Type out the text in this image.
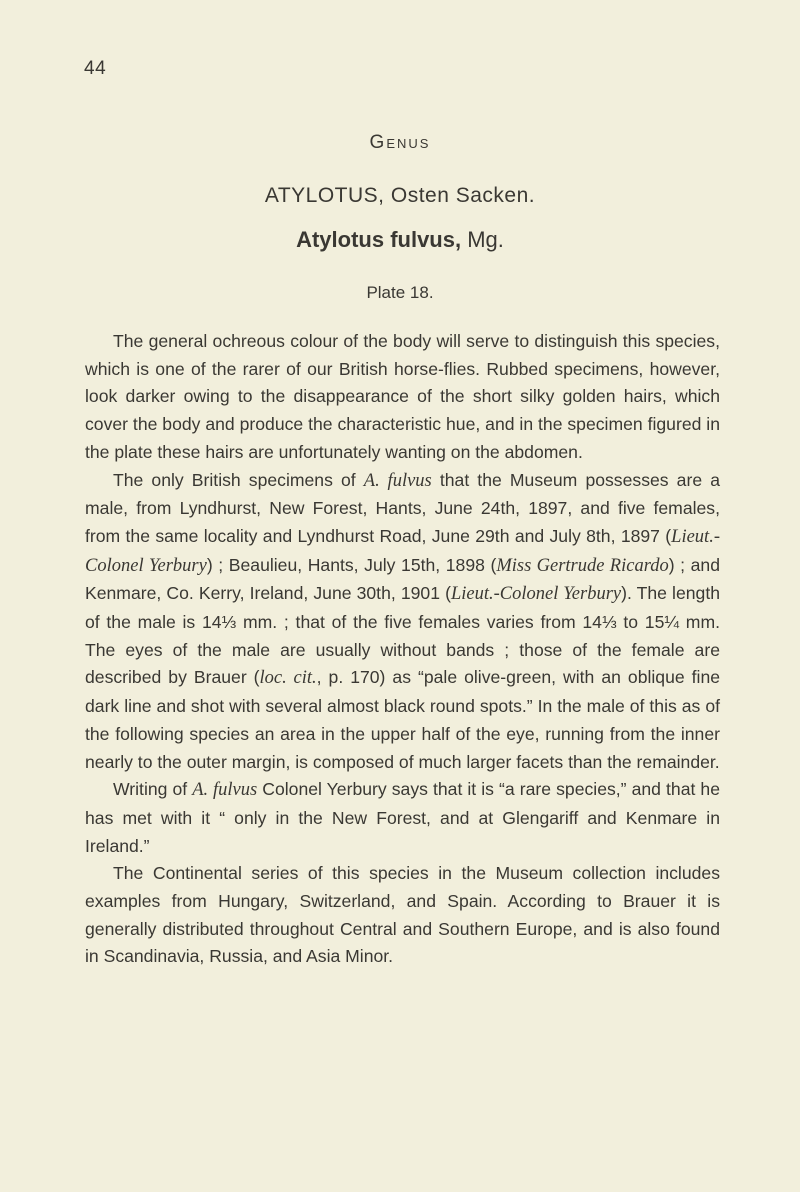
44
Genus
ATYLOTUS, Osten Sacken.
Atylotus fulvus, Mg.
Plate 18.

The general ochreous colour of the body will serve to distinguish this species, which is one of the rarer of our British horse-flies. Rubbed specimens, however, look darker owing to the disappearance of the short silky golden hairs, which cover the body and produce the characteristic hue, and in the specimen figured in the plate these hairs are unfortunately wanting on the abdomen.

The only British specimens of A. fulvus that the Museum possesses are a male, from Lyndhurst, New Forest, Hants, June 24th, 1897, and five females, from the same locality and Lyndhurst Road, June 29th and July 8th, 1897 (Lieut.-Colonel Yerbury) ; Beaulieu, Hants, July 15th, 1898 (Miss Gertrude Ricardo) ; and Kenmare, Co. Kerry, Ireland, June 30th, 1901 (Lieut.-Colonel Yerbury). The length of the male is 14⅓ mm. ; that of the five females varies from 14⅓ to 15¼ mm. The eyes of the male are usually without bands ; those of the female are described by Brauer (loc. cit., p. 170) as “pale olive-green, with an oblique fine dark line and shot with several almost black round spots.” In the male of this as of the following species an area in the upper half of the eye, running from the inner nearly to the outer margin, is composed of much larger facets than the remainder.

Writing of A. fulvus Colonel Yerbury says that it is “a rare species,” and that he has met with it “ only in the New Forest, and at Glengariff and Kenmare in Ireland.”

The Continental series of this species in the Museum collection includes examples from Hungary, Switzerland, and Spain. According to Brauer it is generally distributed throughout Central and Southern Europe, and is also found in Scandinavia, Russia, and Asia Minor.
